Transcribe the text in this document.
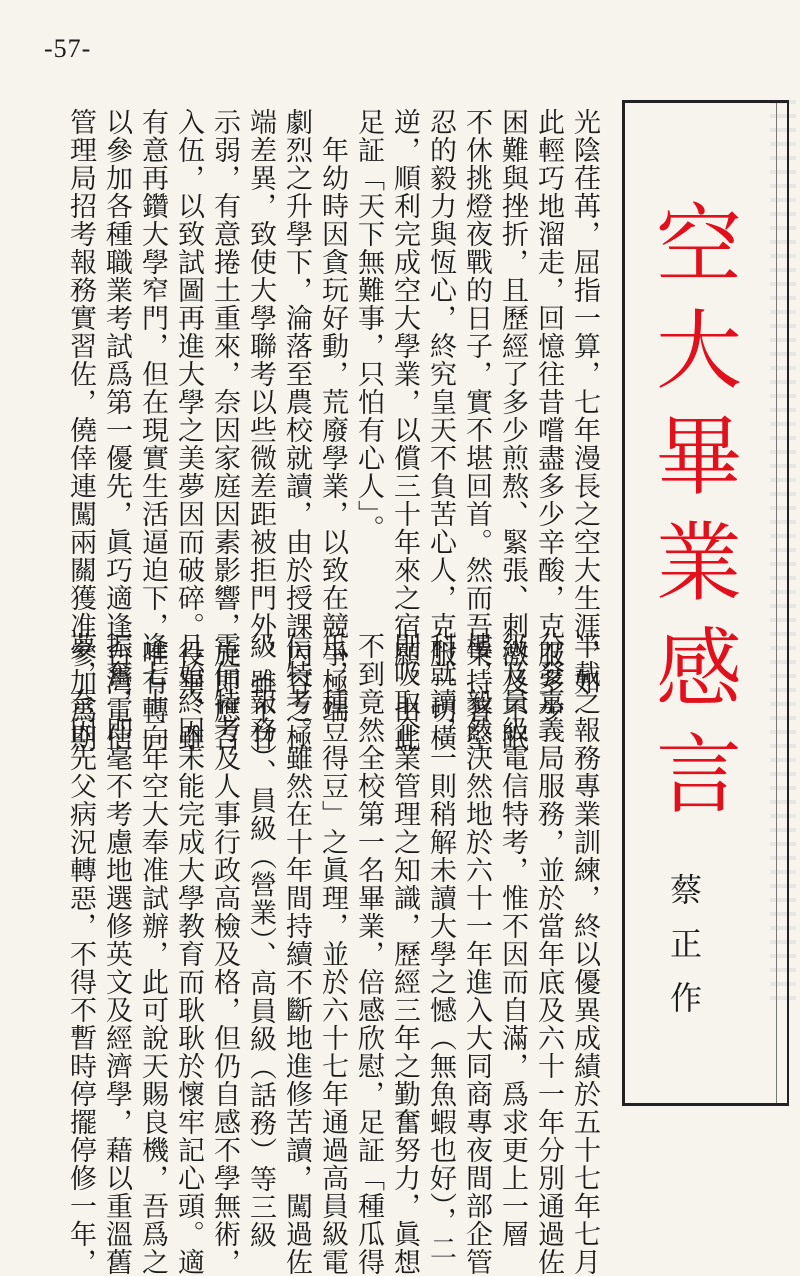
-57-
空大畢業感言
蔡正作
光陰荏苒，屈指一算，七年漫長之空大生涯，如
此輕巧地溜走，回憶往昔嚐盡多少辛酸，克服多少
困難與挫折，且歷經了多少煎熬、緊張、刺激及不眠
不休挑燈夜戰的日子，實不堪回首。然而吾秉持著堅
忍的毅力與恆心，終究皇天不負苦心人，克服一切橫
逆，順利完成空大學業，以償三十年來之宿願。由此
足証「天下無難事，只怕有心人」。
　年幼時因貪玩好動，荒廢學業，以致在競爭極端
劇烈之升學下，淪落至農校就讀，由於授課內容之極
端差異，致使大學聯考以些微差距被拒門外，雖不甘
示弱，有意捲土重來，奈因家庭因素影響，旋即應召
入伍，以致試圖再進大學之美夢因而破碎。役畢，雖
有意再鑽大學窄門，但在現實生活逼迫下，唯有轉向
以參加各種職業考試爲第一優先，眞巧適逢台灣電信
管理局招考報務實習佐，僥倖連闖兩關獲准參加爲期
半載之報務專業訓練，終以優異成績於五十七年七月
分發嘉義局服務，並於當年底及六十一年分別通過佐
級及員級電信特考，惟不因而自滿，爲求更上一層
樓，毅然決然地於六十一年進入大同商專夜間部企管
科就讀，一則稍解未讀大學之憾（無魚蝦也好），二
則吸取企業管理之知識，歷經三年之勤奮努力，眞想
不到竟然全校第一名畢業，倍感欣慰，足証「種瓜得
瓜，種豆得豆」之眞理，並於六十七年通過高員級電
信特考。雖然在十年間持續不斷地進修苦讀，闖過佐
級（報務）、員級（營業）、高員級（話務）等三級
電信特考及人事行政高檢及格，但仍自感不學無術，
且始終因未能完成大學教育而耿耿於懷牢記心頭。適
逢七十二年空大奉准試辦，此可說天賜良機，吾爲之
振奮，即毫不考慮地選修英文及經濟學，藉以重溫舊
夢，奈因先父病況轉惡，不得不暫時停擺停修一年，
